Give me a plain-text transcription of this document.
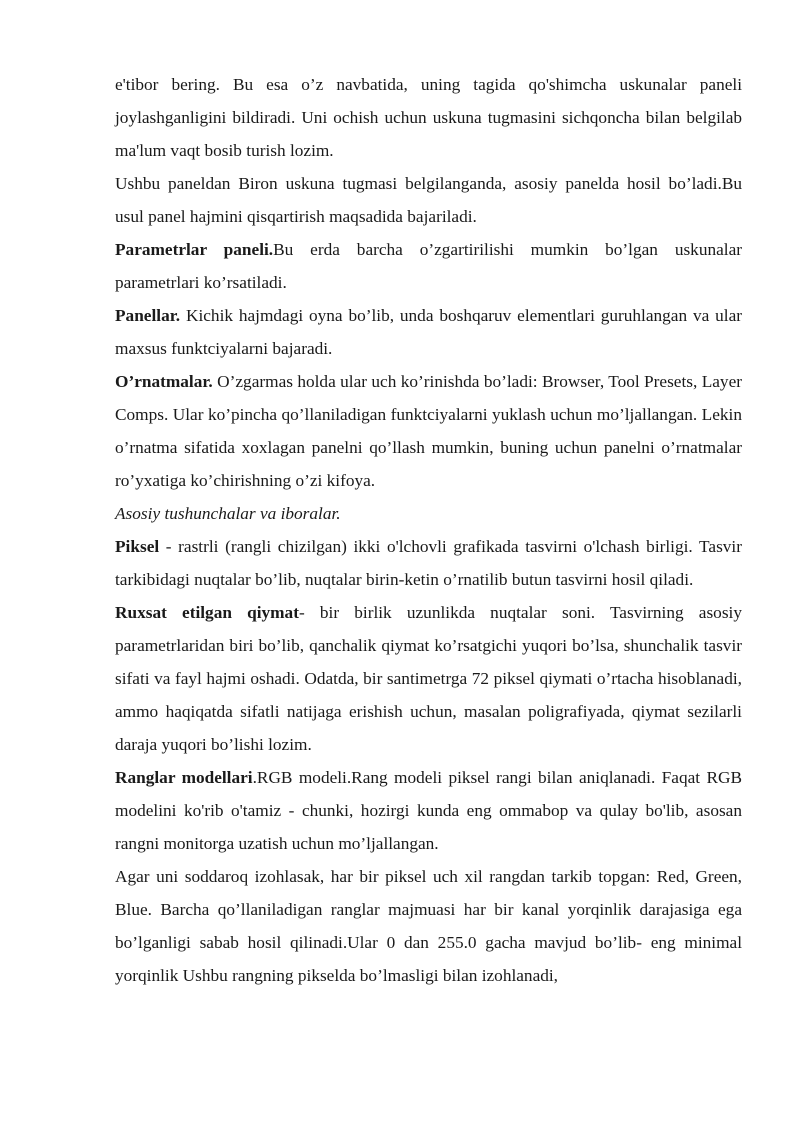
e'tibor bering. Bu esa o’z navbatida, uning tagida qo'shimcha uskunalar paneli joylashganligini bildiradi. Uni ochish uchun uskuna tugmasini sichqoncha bilan belgilab ma'lum vaqt bosib turish lozim.

Ushbu paneldan Biron uskuna tugmasi belgilanganda, asosiy panelda hosil bo’ladi.Bu usul panel hajmini qisqartirish maqsadida bajariladi.

Parametrlar paneli.Bu erda barcha o’zgartirilishi mumkin bo’lgan uskunalar parametrlari ko’rsatiladi.

Panellar. Kichik hajmdagi oyna bo’lib, unda boshqaruv elementlari guruhlangan va ular maxsus funktciyalarni bajaradi.

O’rnatmalar. O’zgarmas holda ular uch ko’rinishda bo’ladi: Browser, Tool Presets, Layer Comps. Ular ko’pincha qo’llaniladigan funktciyalarni yuklash uchun mo’ljallangan. Lekin o’rnatma sifatida xoxlagan panelni qo’llash mumkin, buning uchun panelni o’rnatmalar ro’yxatiga ko’chirishning o’zi kifoya.

Asosiy tushunchalar va iboralar.

Piksel - rastrli (rangli chizilgan) ikki o'lchovli grafikada tasvirni o'lchash birligi. Tasvir tarkibidagi nuqtalar bo’lib, nuqtalar birin-ketin o’rnatilib butun tasvirni hosil qiladi.

Ruxsat etilgan qiymat- bir birlik uzunlikda nuqtalar soni. Tasvirning asosiy parametrlaridan biri bo’lib, qanchalik qiymat ko’rsatgichi yuqori bo’lsa, shunchalik tasvir sifati va fayl hajmi oshadi. Odatda, bir santimetrga 72 piksel qiymati o’rtacha hisoblanadi, ammo haqiqatda sifatli natijaga erishish uchun, masalan poligrafiyada, qiymat sezilarli daraja yuqori bo’lishi lozim.

Ranglar modellari.RGB modeli.Rang modeli piksel rangi bilan aniqlanadi. Faqat RGB modelini ko'rib o'tamiz - chunki, hozirgi kunda eng ommabop va qulay bo'lib, asosan rangni monitorga uzatish uchun mo’ljallangan.

Agar uni soddaroq izohlasak, har bir piksel uch xil rangdan tarkib topgan: Red, Green, Blue. Barcha qo’llaniladigan ranglar majmuasi har bir kanal yorqinlik darajasiga ega bo’lganligi sabab hosil qilinadi.Ular 0 dan 255.0 gacha mavjud bo’lib- eng minimal yorqinlik Ushbu rangning pikselda bo’lmasligi bilan izohlanadi,
